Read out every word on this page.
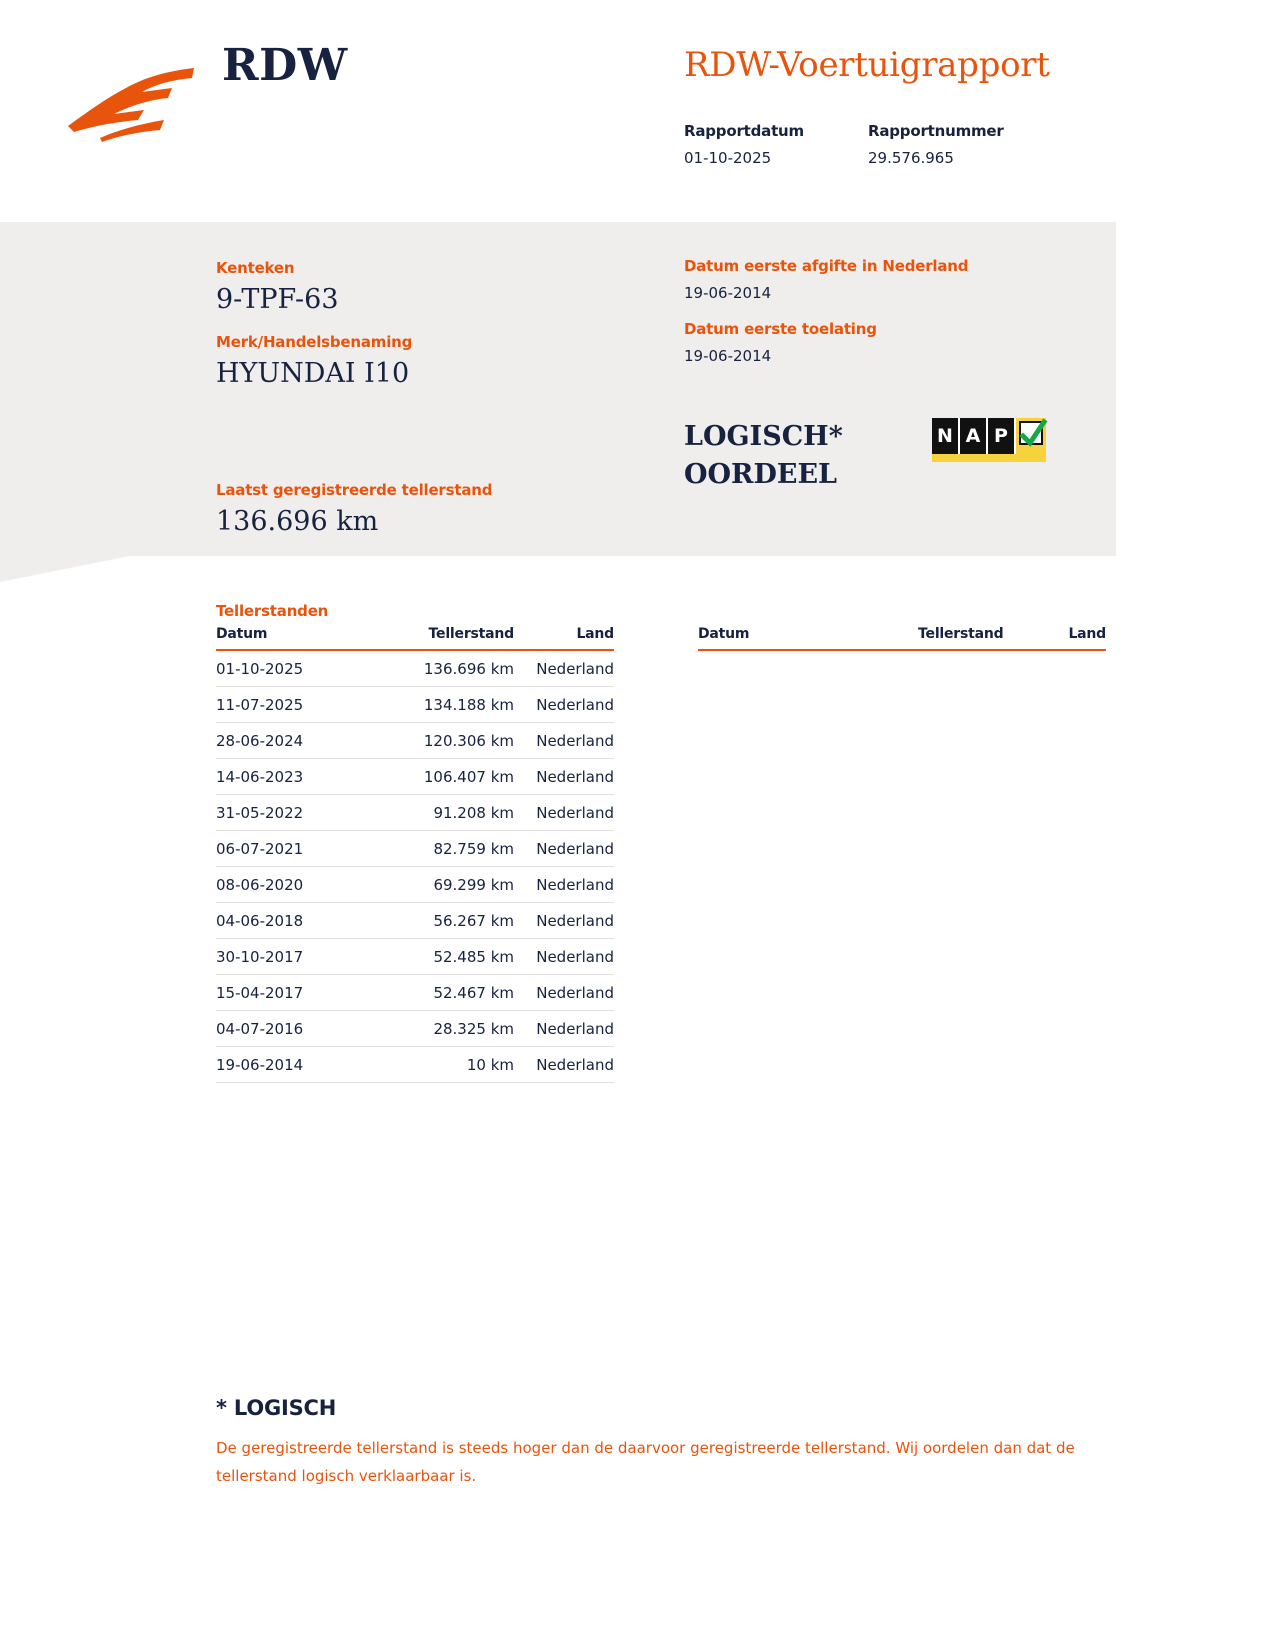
RDW	RDW-Voertuigrapport
Rapportdatum
01-10-2025
Rapportnummer
29.576.965
Kenteken
9-TPF-63
Merk/Handelsbenaming
HYUNDAI I10
Laatst geregistreerde tellerstand
136.696 km
Datum eerste afgifte in Nederland
19-06-2014
Datum eerste toelating
19-06-2014
LOGISCH*
OORDEEL
N A P
Tellerstanden
Datum	Tellerstand	Land
01-10-2025	136.696 km	Nederland
11-07-2025	134.188 km	Nederland
28-06-2024	120.306 km	Nederland
14-06-2023	106.407 km	Nederland
31-05-2022	91.208 km	Nederland
06-07-2021	82.759 km	Nederland
08-06-2020	69.299 km	Nederland
04-06-2018	56.267 km	Nederland
30-10-2017	52.485 km	Nederland
15-04-2017	52.467 km	Nederland
04-07-2016	28.325 km	Nederland
19-06-2014	10 km	Nederland
Datum	Tellerstand	Land
* LOGISCH
De geregistreerde tellerstand is steeds hoger dan de daarvoor geregistreerde tellerstand. Wij oordelen dan dat de tellerstand logisch verklaarbaar is.
